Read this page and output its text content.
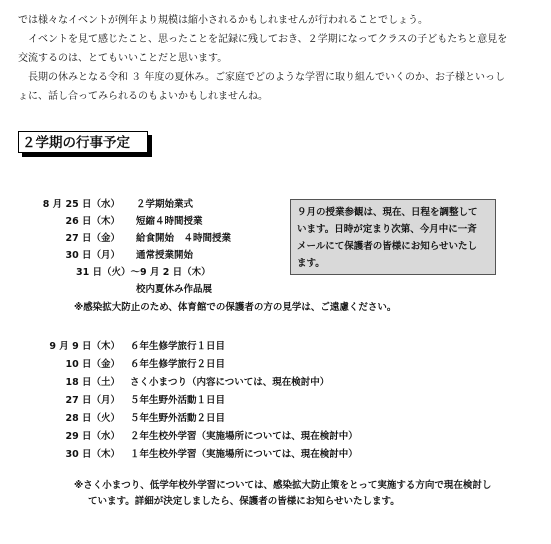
では様々なイベントが例年より規模は縮小されるかもしれませんが行われることでしょう。

　イベントを見て感じたこと、思ったことを記録に残しておき、２学期になってクラスの子どもたちと意見を

交流するのは、とてもいいことだと思います。

　長期の休みとなる令和 ３ 年度の夏休み。ご家庭でどのような学習に取り組んでいくのか、お子様といっし

ょに、話し合ってみられるのもよいかもしれませんね。

２学期の行事予定
8 月 25 日（水） ２学期始業式
26 日（木） 短縮４時間授業
27 日（金） 給食開始　４時間授業
30 日（月） 通常授業開始
31 日（火）～9 月 2 日（木）
校内夏休み作品展
※感染拡大防止のため、体育館での保護者の方の見学は、ご遠慮ください。
９月の授業参観は、現在、日程を調整して
います。日時が定まり次第、今月中に一斉
メールにて保護者の皆様にお知らせいたし
ます。
9 月 9 日（木） ６年生修学旅行１日目
10 日（金） ６年生修学旅行２日目
18 日（土） さく小まつり（内容については、現在検討中）
27 日（月） ５年生野外活動１日目
28 日（火） ５年生野外活動２日目
29 日（水） ２年生校外学習（実施場所については、現在検討中）
30 日（木） １年生校外学習（実施場所については、現在検討中）
※さく小まつり、低学年校外学習については、感染拡大防止策をとって実施する方向で現在検討し
ています。詳細が決定しましたら、保護者の皆様にお知らせいたします。
